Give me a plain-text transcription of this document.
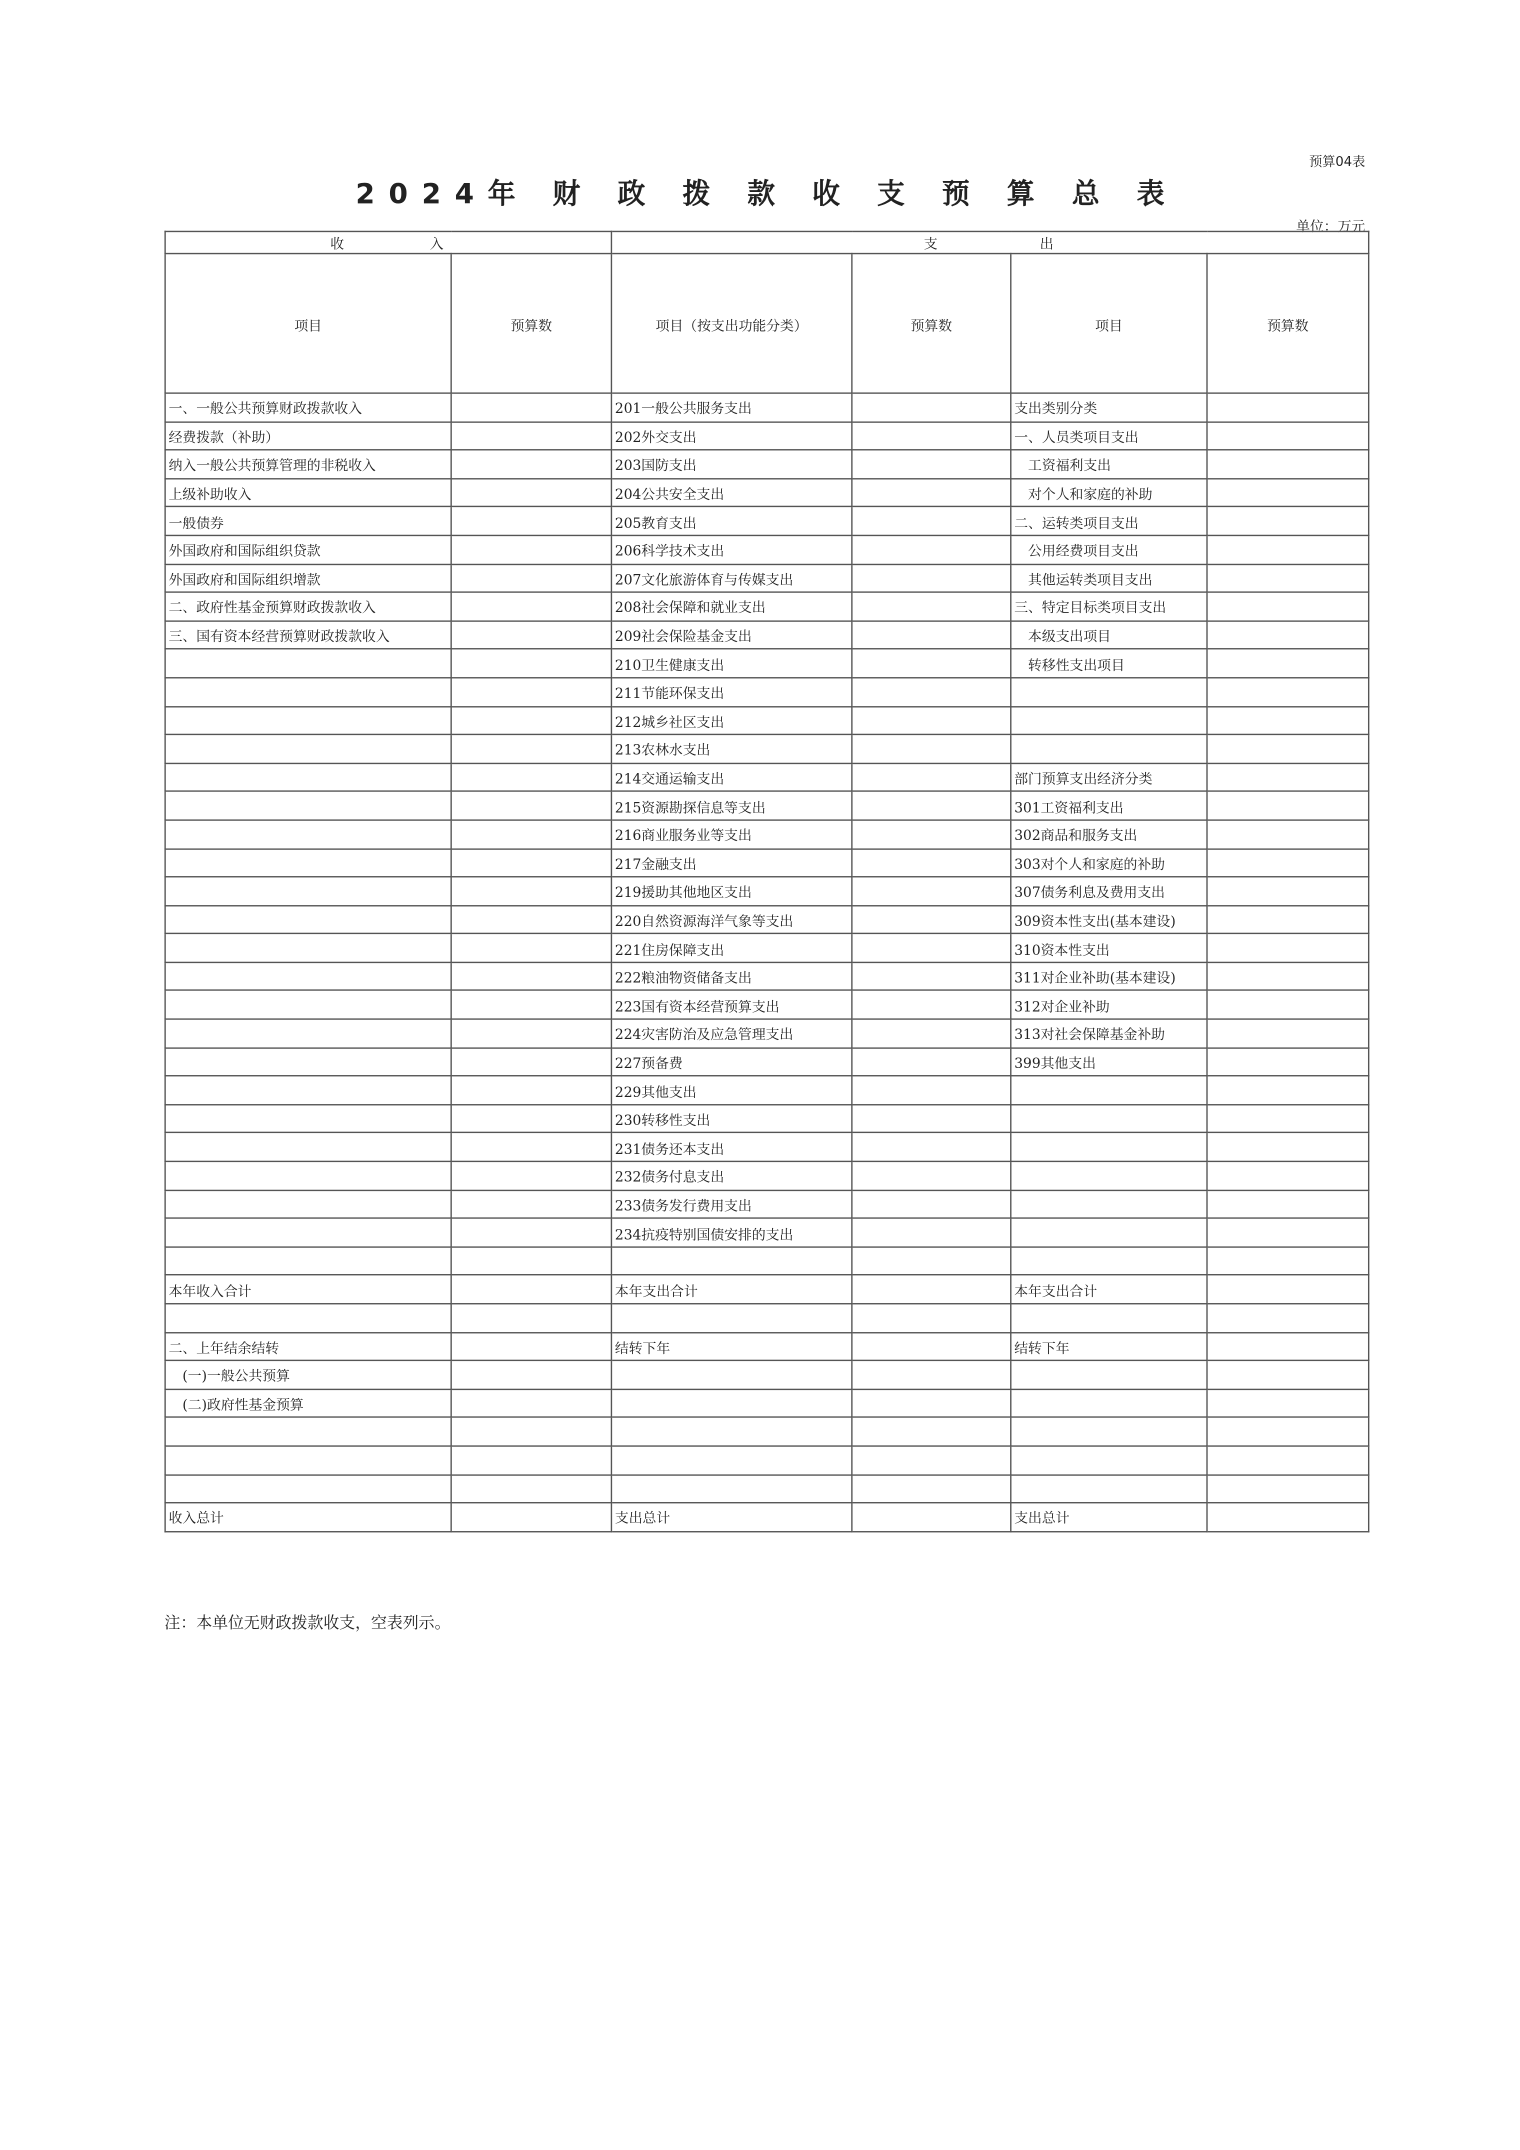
预算04表
2024年 财 政 拨 款 收 支 预 算 总 表
单位：万元
收　　　　　入		支　　　　　　出			
项目	预算数	项目（按支出功能分类）	预算数	项目	预算数
一、一般公共预算财政拨款收入		201一般公共服务支出		支出类别分类	
经费拨款（补助）		202外交支出		一、人员类项目支出	
纳入一般公共预算管理的非税收入		203国防支出		　工资福利支出	
上级补助收入		204公共安全支出		　对个人和家庭的补助	
一般债券		205教育支出		二、运转类项目支出	
外国政府和国际组织贷款		206科学技术支出		　公用经费项目支出	
外国政府和国际组织增款		207文化旅游体育与传媒支出		　其他运转类项目支出	
二、政府性基金预算财政拨款收入		208社会保障和就业支出		三、特定目标类项目支出	
三、国有资本经营预算财政拨款收入		209社会保险基金支出		　本级支出项目	
		210卫生健康支出		　转移性支出项目	
		211节能环保支出			
		212城乡社区支出			
		213农林水支出			
		214交通运输支出		部门预算支出经济分类	
		215资源勘探信息等支出		301工资福利支出	
		216商业服务业等支出		302商品和服务支出	
		217金融支出		303对个人和家庭的补助	
		219援助其他地区支出		307债务利息及费用支出	
		220自然资源海洋气象等支出		309资本性支出(基本建设)	
		221住房保障支出		310资本性支出	
		222粮油物资储备支出		311对企业补助(基本建设)	
		223国有资本经营预算支出		312对企业补助	
		224灾害防治及应急管理支出		313对社会保障基金补助	
		227预备费		399其他支出	
		229其他支出			
		230转移性支出			
		231债务还本支出			
		232债务付息支出			
		233债务发行费用支出			
		234抗疫特别国债安排的支出			

本年收入合计		本年支出合计		本年支出合计	

二、上年结余结转		结转下年		结转下年	
　(一)一般公共预算					
　(二)政府性基金预算					

收入总计		支出总计		支出总计	
注：本单位无财政拨款收支，空表列示。
